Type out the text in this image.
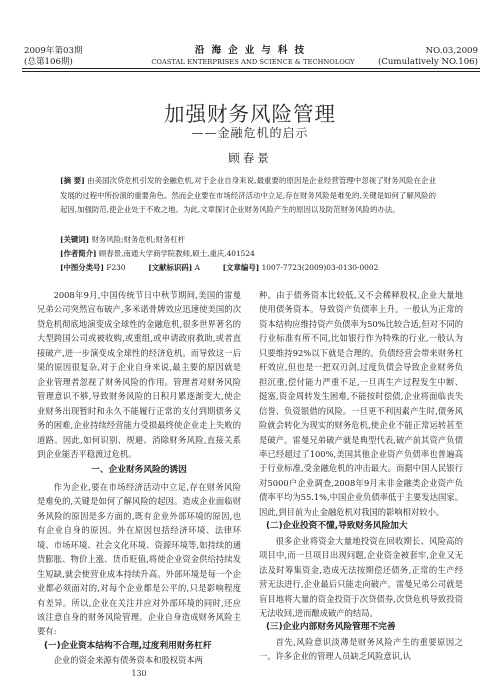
2009年第03期
(总第106期)
沿海企业与科技
COASTAL ENTERPRISES AND SCIENCE & TECHNOLOGY
NO.03,2009
(Cumulatively NO.106)
加强财务风险管理
——金融危机的启示
顾春景
[摘 要] 由美国次贷危机引发的金融危机,对于企业自身来说,最重要的原因是企业经营管理中忽视了财务风险在企业发展的过程中所扮演的重要角色。然而企业要在市场经济活动中立足,存在财务风险是难免的,关键是如何了解风险的起因,加强防范,使企业处于不败之地。为此,文章探讨企业财务风险产生的原因以及防范财务风险的办法。
[关键词] 财务风险;财务危机;财务杠杆
[作者简介] 顾春景,南通大学商学院教师,硕士,重庆,401524
[中图分类号] F230	[文献标识码] A	[文章编号] 1007-7723(2009)03-0130-0002

2008年9月,中国传统节日中秋节期间,美国的雷曼兄弟公司突然宣布破产,多米诺骨牌效应迅速使美国的次贷危机彻底地演变成全球性的金融危机,很多世界著名的大型跨国公司或被收购,或重组,或申请政府救助,或者直接破产,进一步演变成全球性的经济危机。而导致这一后果的原因很复杂,对于企业自身来说,最主要的原因就是企业管理者忽视了财务风险的作用。管理者对财务风险管理意识不够,导致财务风险的日积月累逐渐变大,使企业财务出现暂时和永久不能履行正常的支付到期债务义务的困难,企业持续经营能力受损最终使企业走上失败的道路。因此,如何识别、规避、消除财务风险,直接关系到企业能否平稳渡过危机。

一、企业财务风险的诱因

作为企业,要在市场经济活动中立足,存在财务风险是难免的,关键是如何了解风险的起因。造成企业面临财务风险的原因是多方面的,既有企业外部环境的原因,也有企业自身的原因。外在原因包括经济环境、法律环境、市场环境、社会文化环境、资源环境等,如持续的通货膨胀、物价上涨、货币贬值,将使企业资金供给持续发生短缺,就会使营业成本持续升高。外部环境是每一个企业都必须面对的,对每个企业都是公平的,只是影响程度有差异。所以,企业在关注并应对外部环境的同时,还应该注意自身的财务风险管理。企业自身造成财务风险主要有:

(一)企业资本结构不合理,过度利用财务杠杆

企业的资金来源有债务资本和股权资本两

种。由于债务资本比较低,又不会稀释股权,企业大量地使用债务资本。导致资产负债率上升。一般认为正常的资本结构应维持资产负债率为50%比较合适,但对不同的行业标准有所不同,比如银行作为特殊的行业,一般认为只要维持92%以下就是合理的。负债经营会带来财务杠杆效应,但也是一把双刃剑,过度负债会导致企业财务负担沉重,偿付能力严重不足,一旦再生产过程发生中断、挺塞,资金周转发生困难,不能按时偿债,企业将面临丧失信誉、负资银借的风险。一旦更不利因素产生时,债务风险就会转化为现实的财务危机,使企业不能正常运转甚至是破产。雷曼兄弟破产就是典型代表,破产前其资产负债率已经超过了100%,美国其他企业资产负债率也普遍高于行业标准,受金融危机的冲击最大。而据中国人民银行对5000户企业调查,2008年9月末非金融类企业资产负债率平均为55.1%,中国企业负债率低于主要发达国家。因此,到目前为止金融危机对我国的影响相对较小。

(二)企业投资不懂,导致财务风险加大

很多企业将资金大量地投资在回收期长、风险高的项目中,而一旦项目出现问题,企业资金被套牢,企业又无法及时筹集资金,造成无法按期偿还债务,正常的生产经营无法进行,企业最后只能走向破产。雷曼兄弟公司就是盲目地将大量的资金投资于次贷债券,次贷危机导致投资无法收回,进而酿成破产的结局。

(三)企业内部财务风险管理不完善

首先,风险意识淡薄是财务风险产生的重要原因之一。许多企业的管理人员缺乏风险意识,认

130
